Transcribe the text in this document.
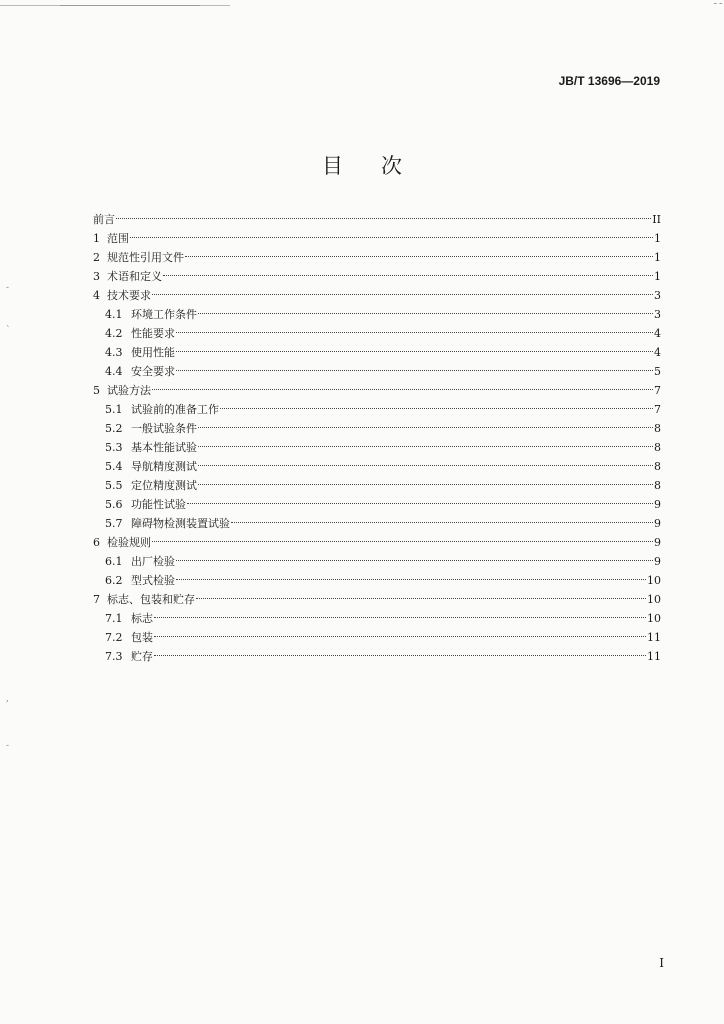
⁃⁃
JB/T 13696—2019
目次
前言	II
1 范围	1
2 规范性引用文件	1
3 术语和定义	1
4 技术要求	3
4.1 环境工作条件	3
4.2 性能要求	4
4.3 使用性能	4
4.4 安全要求	5
5 试验方法	7
5.1 试验前的准备工作	7
5.2 一般试验条件	8
5.3 基本性能试验	8
5.4 导航精度测试	8
5.5 定位精度测试	8
5.6 功能性试验	9
5.7 障碍物检测装置试验	9
6 检验规则	9
6.1 出厂检验	9
6.2 型式检验	10
7 标志、包装和贮存	10
7.1 标志	10
7.2 包装	11
7.3 贮存	11
I
-
`
,
-
